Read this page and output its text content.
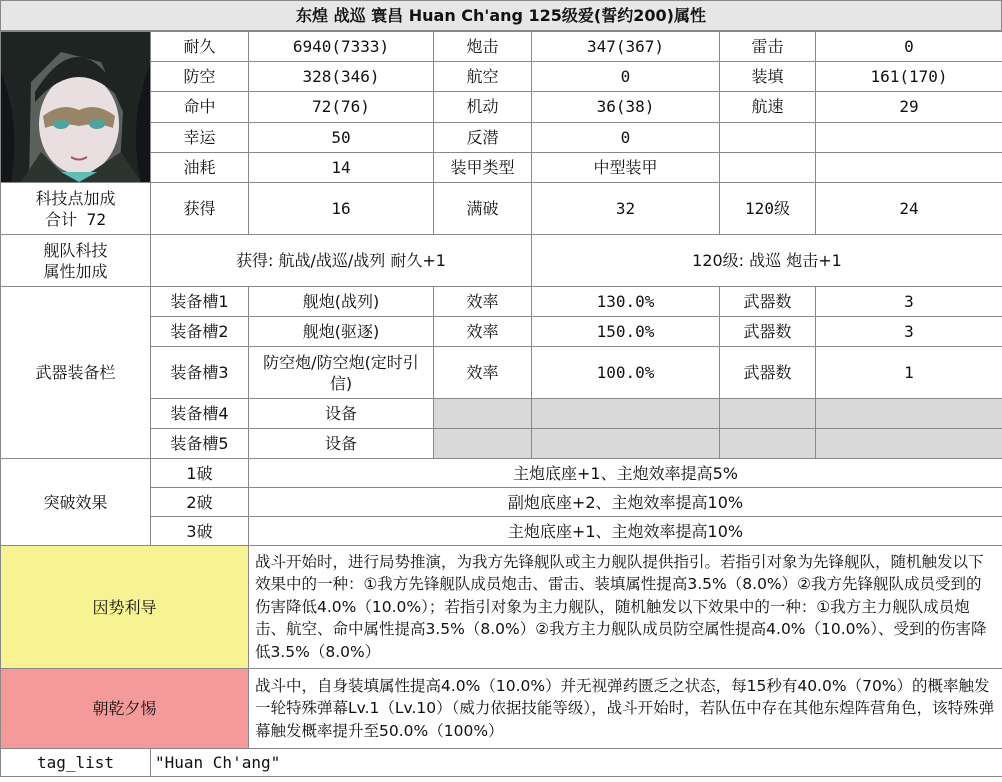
东煌 战巡 寰昌 Huan Ch'ang 125级爱(誓约200)属性
	耐久	6940(7333)	炮击	347(367)	雷击	0
	防空	328(346)	航空	0	装填	161(170)
	命中	72(76)	机动	36(38)	航速	29
	幸运	50	反潜	0		
	油耗	14	装甲类型	中型装甲		

科技点加成
合计 72	获得	16	满破	32	120级	24

舰队科技
属性加成	获得: 航战/战巡/战列 耐久+1			120级: 战巡 炮击+1		
武器装备栏	装备槽1	舰炮(战列)	效率	130.0%	武器数	3
	装备槽2	舰炮(驱逐)	效率	150.0%	武器数	3
	装备槽3	防空炮/防空炮(定时引信)	效率	100.0%	武器数	1
	装备槽4	设备				
	装备槽5	设备				
突破效果	1破	主炮底座+1、主炮效率提高5%				
	2破	副炮底座+2、主炮效率提高10%				
	3破	主炮底座+1、主炮效率提高10%				
因势利导		战斗开始时，进行局势推演，为我方先锋舰队或主力舰队提供指引。若指引对象为先锋舰队，随机触发以下效果中的一种：①我方先锋舰队成员炮击、雷击、装填属性提高3.5%（8.0%）②我方先锋舰队成员受到的伤害降低4.0%（10.0%）；若指引对象为主力舰队，随机触发以下效果中的一种：①我方主力舰队成员炮击、航空、命中属性提高3.5%（8.0%）②我方主力舰队成员防空属性提高4.0%（10.0%）、受到的伤害降低3.5%（8.0%）				
朝乾夕惕		战斗中，自身装填属性提高4.0%（10.0%）并无视弹药匮乏之状态，每15秒有40.0%（70%）的概率触发一轮特殊弹幕Lv.1（Lv.10）（威力依据技能等级），战斗开始时，若队伍中存在其他东煌阵营角色，该特殊弹幕触发概率提升至50.0%（100%）				
tag_list	"Huan Ch'ang"					
